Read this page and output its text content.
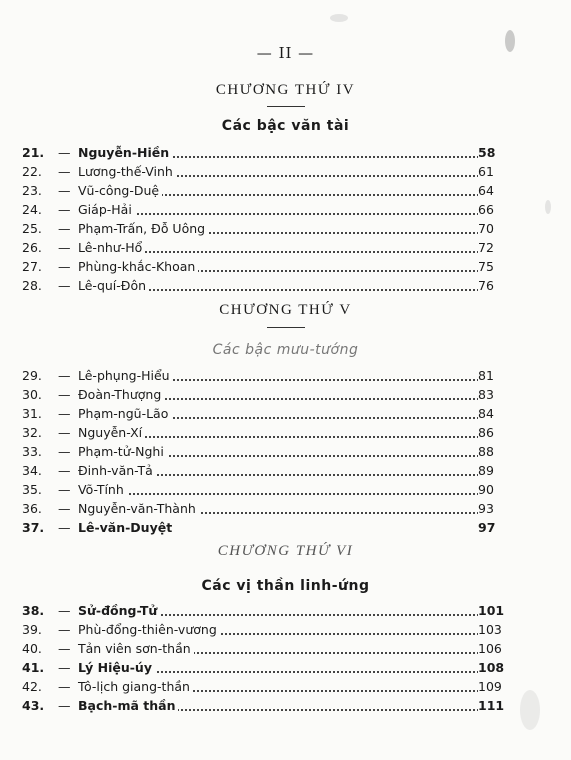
— II —
CHƯƠNG THỨ IV
Các bậc văn tài
21.	— Nguyễn-Hiền	58
22.	— Lương-thế-Vinh	61
23.	— Vũ-công-Duệ	64
24.	— Giáp-Hải	66
25.	— Phạm-Trấn, Đỗ Uông	70
26.	— Lê-như-Hổ	72
27.	— Phùng-khắc-Khoan	75
28.	— Lê-quí-Đôn	76
CHƯƠNG THỨ V
Các bậc mưu-tướng
29.	— Lê-phụng-Hiểu	81
30.	— Đoàn-Thượng	83
31.	— Phạm-ngũ-Lão	84
32.	— Nguyễn-Xí	86
33.	— Phạm-tử-Nghi	88
34.	— Đinh-văn-Tả	89
35.	— Võ-Tính	90
36.	— Nguyễn-văn-Thành	93
37.	— Lê-văn-Duyệt	97
CHƯƠNG THỨ VI
Các vị thần linh-ứng
38.	— Sử-đồng-Tử	101
39.	— Phù-đổng-thiên-vương	103
40.	— Tản viên sơn-thần	106
41.	— Lý Hiệu-úy	108
42.	— Tô-lịch giang-thần	109
43.	— Bạch-mã thần	111
